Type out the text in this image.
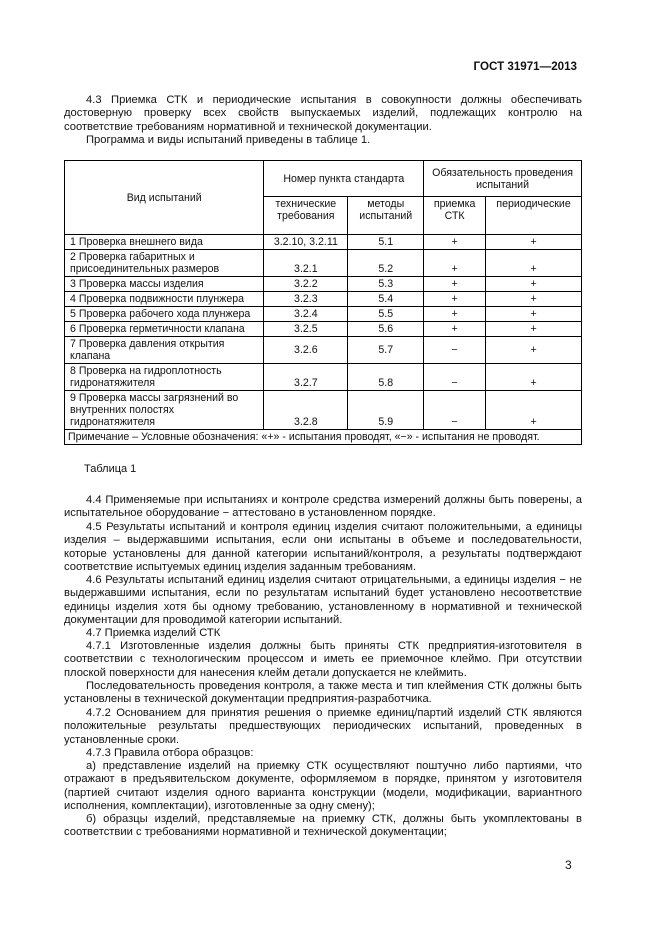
ГОСТ 31971—2013
4.3 Приемка СТК и периодические испытания в совокупности должны обеспечивать достоверную проверку всех свойств выпускаемых изделий, подлежащих контролю на соответствие требованиям нормативной и технической документации.
Программа и виды испытаний приведены в таблице 1.
Вид испытаний	Номер пункта стандарта		Обязательность проведения испытаний	
	технические требования	методы испытаний	приемка СТК	периодические
1 Проверка внешнего вида	3.2.10, 3.2.11	5.1	+	+
2 Проверка габаритных и присоединительных размеров	3.2.1	5.2	+	+
3 Проверка массы изделия	3.2.2	5.3	+	+
4 Проверка подвижности плунжера	3.2.3	5.4	+	+
5 Проверка рабочего хода плунжера	3.2.4	5.5	+	+
6 Проверка герметичности клапана	3.2.5	5.6	+	+
7 Проверка давления открытия клапана	3.2.6	5.7	−	+
8 Проверка на гидроплотность гидронатяжителя	3.2.7	5.8	−	+
9 Проверка массы загрязнений во внутренних полостях гидронатяжителя	3.2.8	5.9	−	+
Примечание – Условные обозначения: «+» - испытания проводят, «−» - испытания не проводят.				
Таблица 1
4.4 Применяемые при испытаниях и контроле средства измерений должны быть поверены, а испытательное оборудование − аттестовано в установленном порядке.
4.5 Результаты испытаний и контроля единиц изделия считают положительными, а единицы изделия – выдержавшими испытания, если они испытаны в объеме и последовательности, которые установлены для данной категории испытаний/контроля, а результаты подтверждают соответствие испытуемых единиц изделия заданным требованиям.
4.6 Результаты испытаний единиц изделия считают отрицательными, а единицы изделия − не выдержавшими испытания, если по результатам испытаний будет установлено несоответствие единицы изделия хотя бы одному требованию, установленному в нормативной и технической документации для проводимой категории испытаний.
4.7 Приемка изделий СТК
4.7.1 Изготовленные изделия должны быть приняты СТК предприятия-изготовителя в соответствии с технологическим процессом и иметь ее приемочное клеймо. При отсутствии плоской поверхности для нанесения клейм детали допускается не клеймить.
Последовательность проведения контроля, а также места и тип клеймения СТК должны быть установлены в технической документации предприятия-разработчика.
4.7.2 Основанием для принятия решения о приемке единиц/партий изделий СТК являются положительные результаты предшествующих периодических испытаний, проведенных в установленные сроки.
4.7.3 Правила отбора образцов:
а) представление изделий на приемку СТК осуществляют поштучно либо партиями, что отражают в предъявительском документе, оформляемом в порядке, принятом у изготовителя (партией считают изделия одного варианта конструкции (модели, модификации, вариантного исполнения, комплектации), изготовленные за одну смену);
б) образцы изделий, представляемые на приемку СТК, должны быть укомплектованы в соответствии с требованиями нормативной и технической документации;
3
